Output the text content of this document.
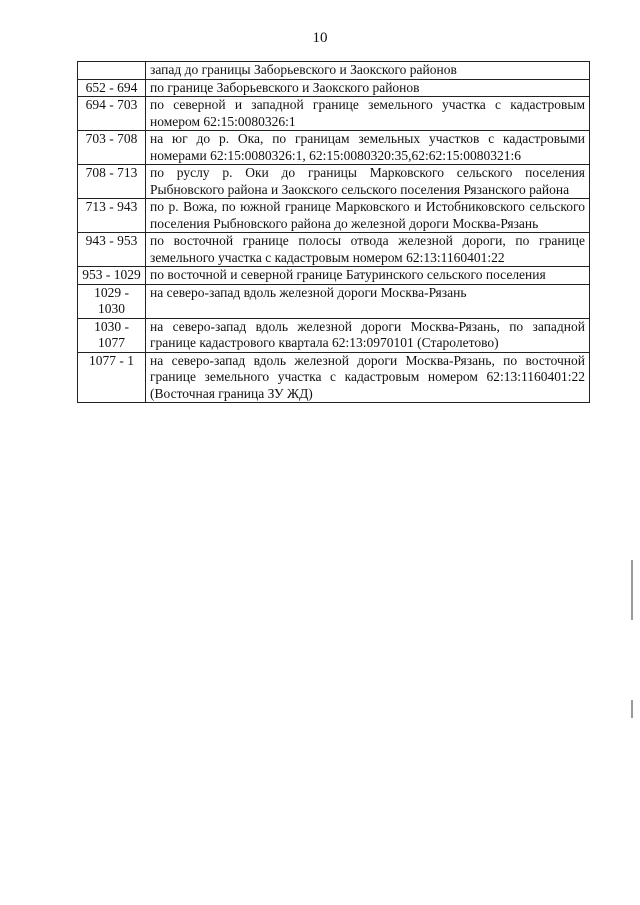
10
	запад до границы Заборьевского и Заокского районов
652 - 694	по границе Заборьевского и Заокского районов
694 - 703	по северной и западной границе земельного участка с кадастровым номером 62:15:0080326:1
703 - 708	на юг до р. Ока, по границам земельных участков с кадастровыми номерами 62:15:0080326:1, 62:15:0080320:35,62:62:15:0080321:6
708 - 713	по руслу р. Оки до границы Марковского сельского поселения Рыбновского района и Заокского сельского поселения Рязанского района
713 - 943	по р. Вожа, по южной границе Марковского и Истобниковского сельского поселения Рыбновского района до железной дороги Москва-Рязань
943 - 953	по восточной границе полосы отвода железной дороги, по границе земельного участка с кадастровым номером 62:13:1160401:22
953 - 1029	по восточной и северной границе Батуринского сельского поселения
1029 - 1030	на северо-запад вдоль железной дороги Москва-Рязань
1030 - 1077	на северо-запад вдоль железной дороги Москва-Рязань, по западной границе кадастрового квартала 62:13:0970101 (Старолетово)
1077 - 1	на северо-запад вдоль железной дороги Москва-Рязань, по восточной границе земельного участка с кадастровым номером 62:13:1160401:22 (Восточная граница ЗУ ЖД)
